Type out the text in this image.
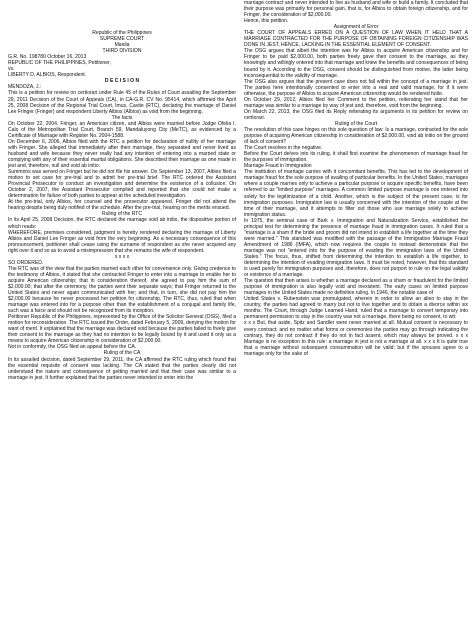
Republic of the Philippines
SUPREME COURT
Manila
THIRD DIVISION
G.R. No. 198780 October 16, 2013
REPUBLIC OF THE PHILIPPINES, Petitioner,
vs.
LIBERTY D. ALBIOS, Respondent.
D E C I S I O N
MENDOZA, J.:

This is a petition for review on certiorari under Rule 45 of the Rules of Court assailing the September 29, 2011 Decision of the Court of Appeals (CA), in CA-G.R. CV No. 95414, which affirmed the April 25, 2008 Decision of the Regional Trial Court, Imus, Cavite (RTC), declaring the marriage of Daniel Lee Fringer (Fringer) and respondent Liberty Albios (Albios) as void from the beginning.

The facts

On October 22, 2004, Fringer, an American citizen, and Albios were married before Judge Ofelia I. Calo of the Metropolitan Trial Court, Branch 59, Mandaluyong City (MeTC), as evidenced by a Certificate of Marriage with Register No. 2004-1588.

On December 6, 2006, Albios filed with the RTC a petition for declaration of nullity of her marriage with Fringer. She alleged that immediately after their marriage, they separated and never lived as husband and wife because they never really had any intention of entering into a married state or complying with any of their essential marital obligations. She described their marriage as one made in jest and, therefore, null and void ab initio.

Summons was served on Fringer but he did not file his answer. On September 13, 2007, Albios filed a motion to set case for pre-trial and to admit her pre-trial brief. The RTC ordered the Assistant Provincial Prosecutor to conduct an investigation and determine the existence of a collusion. On October 2, 2007, the Assistant Prosecutor complied and reported that she could not make a determination for failure of both parties to appear at the scheduled investigation.

At the pre-trial, only Albios, her counsel and the prosecutor appeared. Fringer did not attend the hearing despite being duly notified of the schedule. After the pre-trial, hearing on the merits ensued.

Ruling of the RTC

In its April 25, 2008 Decision, the RTC declared the marriage void ab initio, the dispositive portion of which reads:

WHEREFORE, premises considered, judgment is hereby rendered declaring the marriage of Liberty Albios and Daniel Lee Fringer as void from the very beginning. As a necessary consequence of this pronouncement, petitioner shall cease using the surname of respondent as she never acquired any right over it and so as to avoid a misimpression that she remains the wife of respondent.

x x x x

SO ORDERED.

The RTC was of the view that the parties married each other for convenience only. Giving credence to the testimony of Albios, it stated that she contracted Fringer to enter into a marriage to enable her to acquire American citizenship; that in consideration thereof, she agreed to pay him the sum of $2,000.00; that after the ceremony, the parties went their separate ways; that Fringer returned to the United States and never again communicated with her; and that, in turn, she did not pay him the $2,000.00 because he never processed her petition for citizenship. The RTC, thus, ruled that when marriage was entered into for a purpose other than the establishment of a conjugal and family life, such was a farce and should not be recognized from its inception.

Petitioner Republic of the Philippines, represented by the Office of the Solicitor General (OSG), filed a motion for reconsideration. The RTC issued the Order, dated February 5, 2009, denying the motion for want of merit. It explained that the marriage was declared void because the parties failed to freely give their consent to the marriage as they had no intention to be legally bound by it and used it only as a means to acquire American citizenship in consideration of $2,000.00.

Not in conformity, the OSG filed an appeal before the CA.

Ruling of the CA

In its assailed decision, dated September 29, 2011, the CA affirmed the RTC ruling which found that the essential requisite of consent was lacking. The CA stated that the parties clearly did not understand the nature and consequence of getting married and that their case was similar to a marriage in jest. It further explained that the parties never intended to enter into the

marriage contract and never intended to live as husband and wife or build a family. It concluded that their purpose was primarily for personal gain, that is, for Albios to obtain foreign citizenship, and for Fringer, the consideration of $2,000.00.

Hence, this petition.

Assignment of Error

THE COURT OF APPEALS ERRED ON A QUESTION OF LAW WHEN IT HELD THAT A MARRIAGE CONTRACTED FOR THE PURPOSE OF OBTAINING FOREIGN CITIZENSHIP WAS DONE IN JEST, HENCE, LACKING IN THE ESSENTIAL ELEMENT OF CONSENT.

The OSG argues that albeit the intention was for Albios to acquire American citizenship and for Fringer to be paid $2,000.00, both parties freely gave their consent to the marriage, as they knowingly and willingly entered into that marriage and knew the benefits and consequences of being bound by it. According to the OSG, consent should be distinguished from motive, the latter being inconsequential to the validity of marriage.

The OSG also argues that the present case does not fall within the concept of a marriage in jest. The parties here intentionally consented to enter into a real and valid marriage, for if it were otherwise, the purpose of Albios to acquire American citizenship would be rendered futile.

On October 29, 2012, Albios filed her Comment to the petition, reiterating her stand that her marriage was similar to a marriage by way of jest and, therefore, void from the beginning.

On March 22, 2013, the OSG filed its Reply reiterating its arguments in its petition for review on certiorari.

Ruling of the Court

The resolution of this case hinges on this sole question of law: Is a marriage, contracted for the sole purpose of acquiring American citizenship in consideration of $2,000.00, void ab initio on the ground of lack of consent?

The Court resolves in the negative.

Before the Court delves into its ruling, it shall first examine the phenomenon of marriage fraud for the purposes of immigration.

Marriage Fraud in Immigration

The institution of marriage carries with it concomitant benefits. This has led to the development of marriage fraud for the sole purpose of availing of particular benefits. In the United States, marriages where a couple marries only to achieve a particular purpose or acquire specific benefits, have been referred to as "limited purpose" marriages. A common limited purpose marriage is one entered into solely for the legitimization of a child. Another, which is the subject of the present case, is for immigration purposes. Immigration law is usually concerned with the intention of the couple at the time of their marriage, and it attempts to filter out those who use marriage solely to achieve immigration status.

In 1975, the seminal case of Bark v. Immigration and Naturalization Service, established the principal test for determining the presence of marriage fraud in immigration cases. It ruled that a "marriage is a sham if the bride and groom did not intend to establish a life together at the time they were married." This standard was modified with the passage of the Immigration Marriage Fraud Amendment of 1986 (IMFA), which now requires the couple to instead demonstrate that the marriage was not "entered into for the purpose of evading the immigration laws of the United States." The focus, thus, shifted from determining the intention to establish a life together, to determining the intention of evading immigration laws. It must be noted, however, that this standard is used purely for immigration purposes and, therefore, does not purport to rule on the legal validity or existence of a marriage.

The question that then arises is whether a marriage declared as a sham or fraudulent for the limited purpose of immigration is also legally void and inexistent. The early cases on limited purpose marriages in the United States made no definitive ruling. In 1946, the notable case of

United States v. Rubenstein was promulgated, wherein in order to allow an alien to stay in the country, the parties had agreed to marry but not to live together and to obtain a divorce within six months. The Court, through Judge Learned Hand, ruled that a marriage to convert temporary into permanent permission to stay in the country was not a marriage, there being no consent, to wit:

x x x But, that aside, Spitz and Sandler were never married at all. Mutual consent is necessary to every contract; and no matter what forms or ceremonies the parties may go through indicating the contrary, they do not contract if they do not in fact assent, which may always be proved. x x x Marriage is no exception to this rule: a marriage in jest is not a marriage at all. x x x It is quite true that a marriage without subsequent consummation will be valid; but if the spouses agree to a marriage only for the sake of
